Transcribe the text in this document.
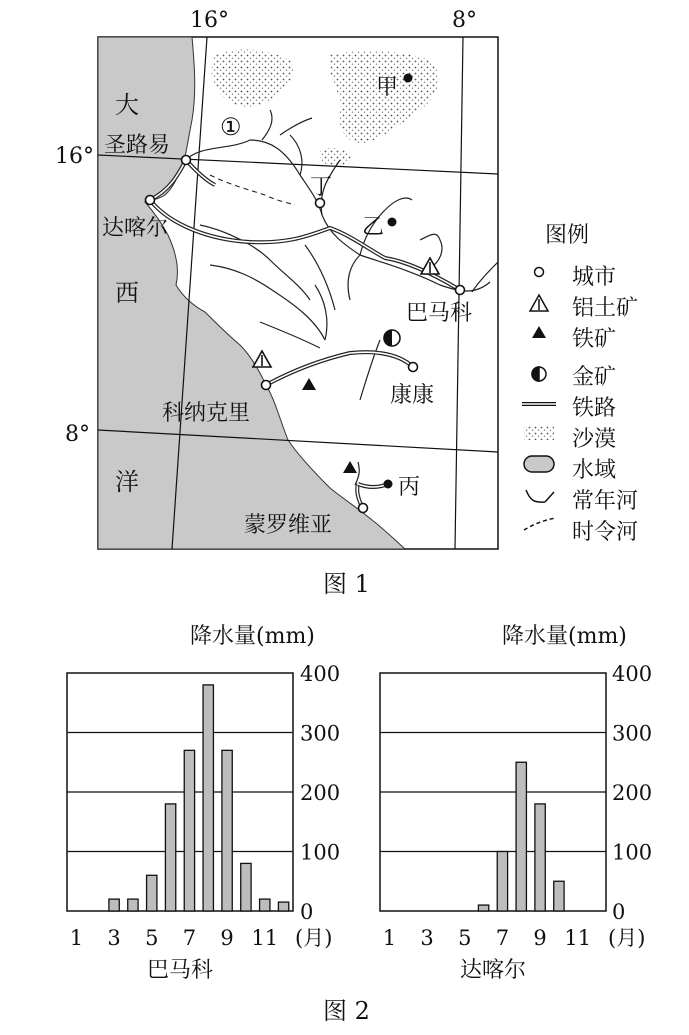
16°	8°
16°
8°
大
西
洋
圣路易
达喀尔
巴马科
康康
科纳克里
蒙罗维亚
甲
乙
丙
丁
①
图例
城市
铝土矿
铁矿
金矿
铁路
沙漠
水域
常年河
时令河
图 1
0
100
200
300
400
降水量(mm)
1 3 5 7 9 11 (月)
巴马科
0
100
200
300
400
降水量(mm)
1 3 5 7 9 11 (月)
达喀尔
图 2
